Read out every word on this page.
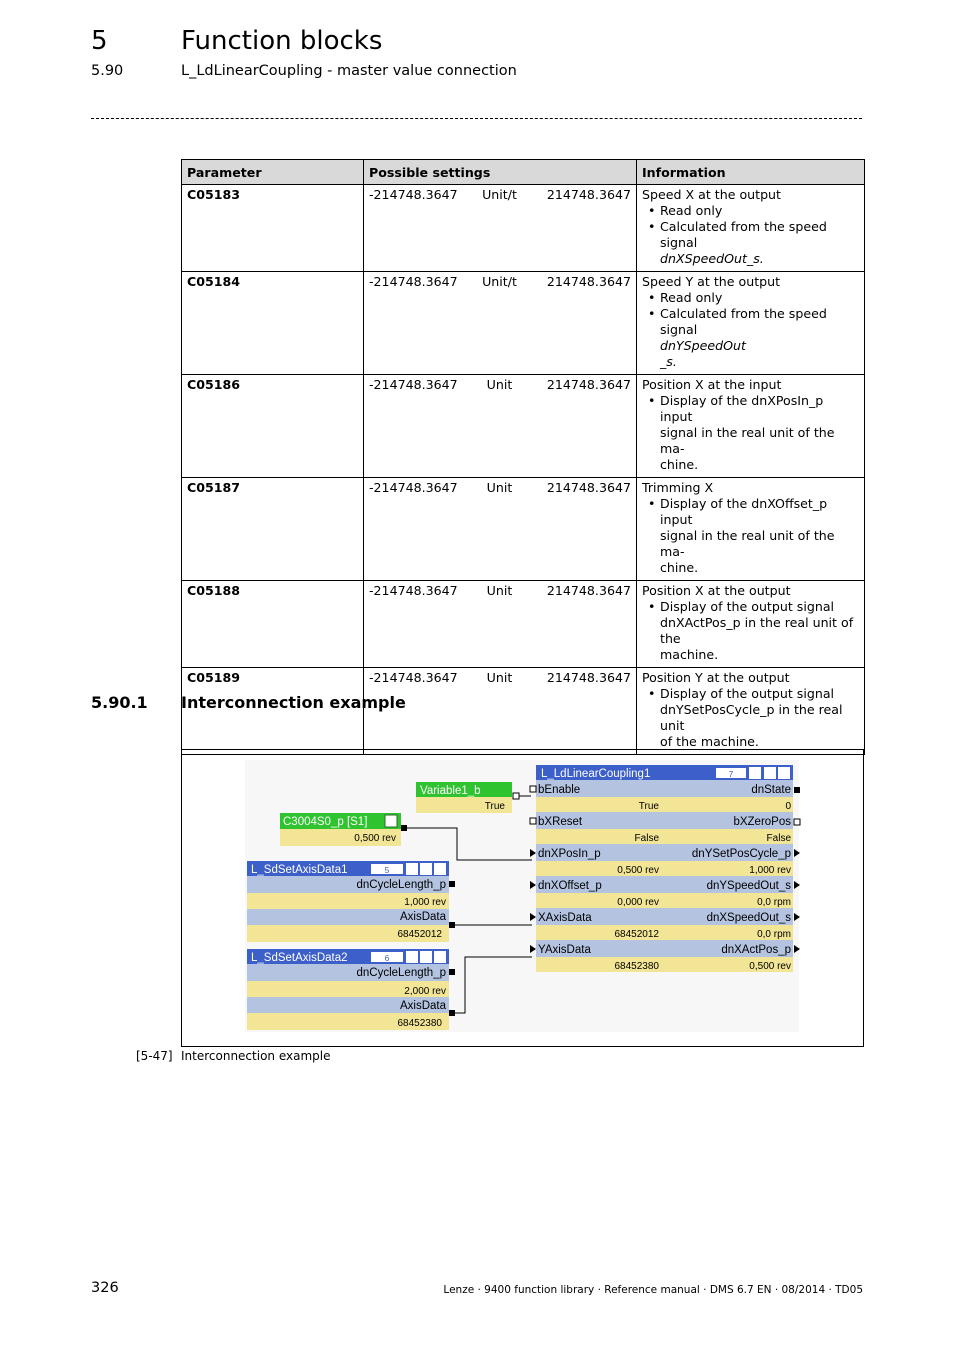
5	Function blocks
5.90	L_LdLinearCoupling - master value connection
Parameter	Possible settings			Information
C05183	-214748.3647	Unit/t	214748.3647	Speed X at the output
• Read only
• Calculated from the speed signal
dnXSpeedOut_s.

C05184	-214748.3647	Unit/t	214748.3647	Speed Y at the output
• Read only
• Calculated from the speed signal
dnYSpeedOut
_s.

C05186	-214748.3647	Unit	214748.3647	Position X at the input
• Display of the dnXPosIn_p input
signal in the real unit of the ma-
chine.

C05187	-214748.3647	Unit	214748.3647	Trimming X
• Display of the dnXOffset_p input
signal in the real unit of the ma-
chine.

C05188	-214748.3647	Unit	214748.3647	Position X at the output
• Display of the output signal
dnXActPos_p in the real unit of the
machine.

C05189	-214748.3647	Unit	214748.3647	Position Y at the output
• Display of the output signal
dnYSetPosCycle_p in the real unit
of the machine.
5.90.1 Interconnection example
Variable1_b
True
C3004S0_p [S1]
0,500 rev
L_SdSetAxisData1	5
dnCycleLength_p
1,000 rev
AxisData
68452012
L_SdSetAxisData2	6
dnCycleLength_p
2,000 rev
AxisData
68452380
L_LdLinearCoupling1	7
bEnable	dnState
True	0
bXReset	bXZeroPos
False	False
dnXPosIn_p	dnYSetPosCycle_p
0,500 rev	1,000 rev
dnXOffset_p	dnYSpeedOut_s
0,000 rev	0,0 rpm
XAxisData	dnXSpeedOut_s
68452012	0,0 rpm
YAxisData	dnXActPos_p
68452380	0,500 rev
[5-47] Interconnection example
326	Lenze · 9400 function library · Reference manual · DMS 6.7 EN · 08/2014 · TD05
